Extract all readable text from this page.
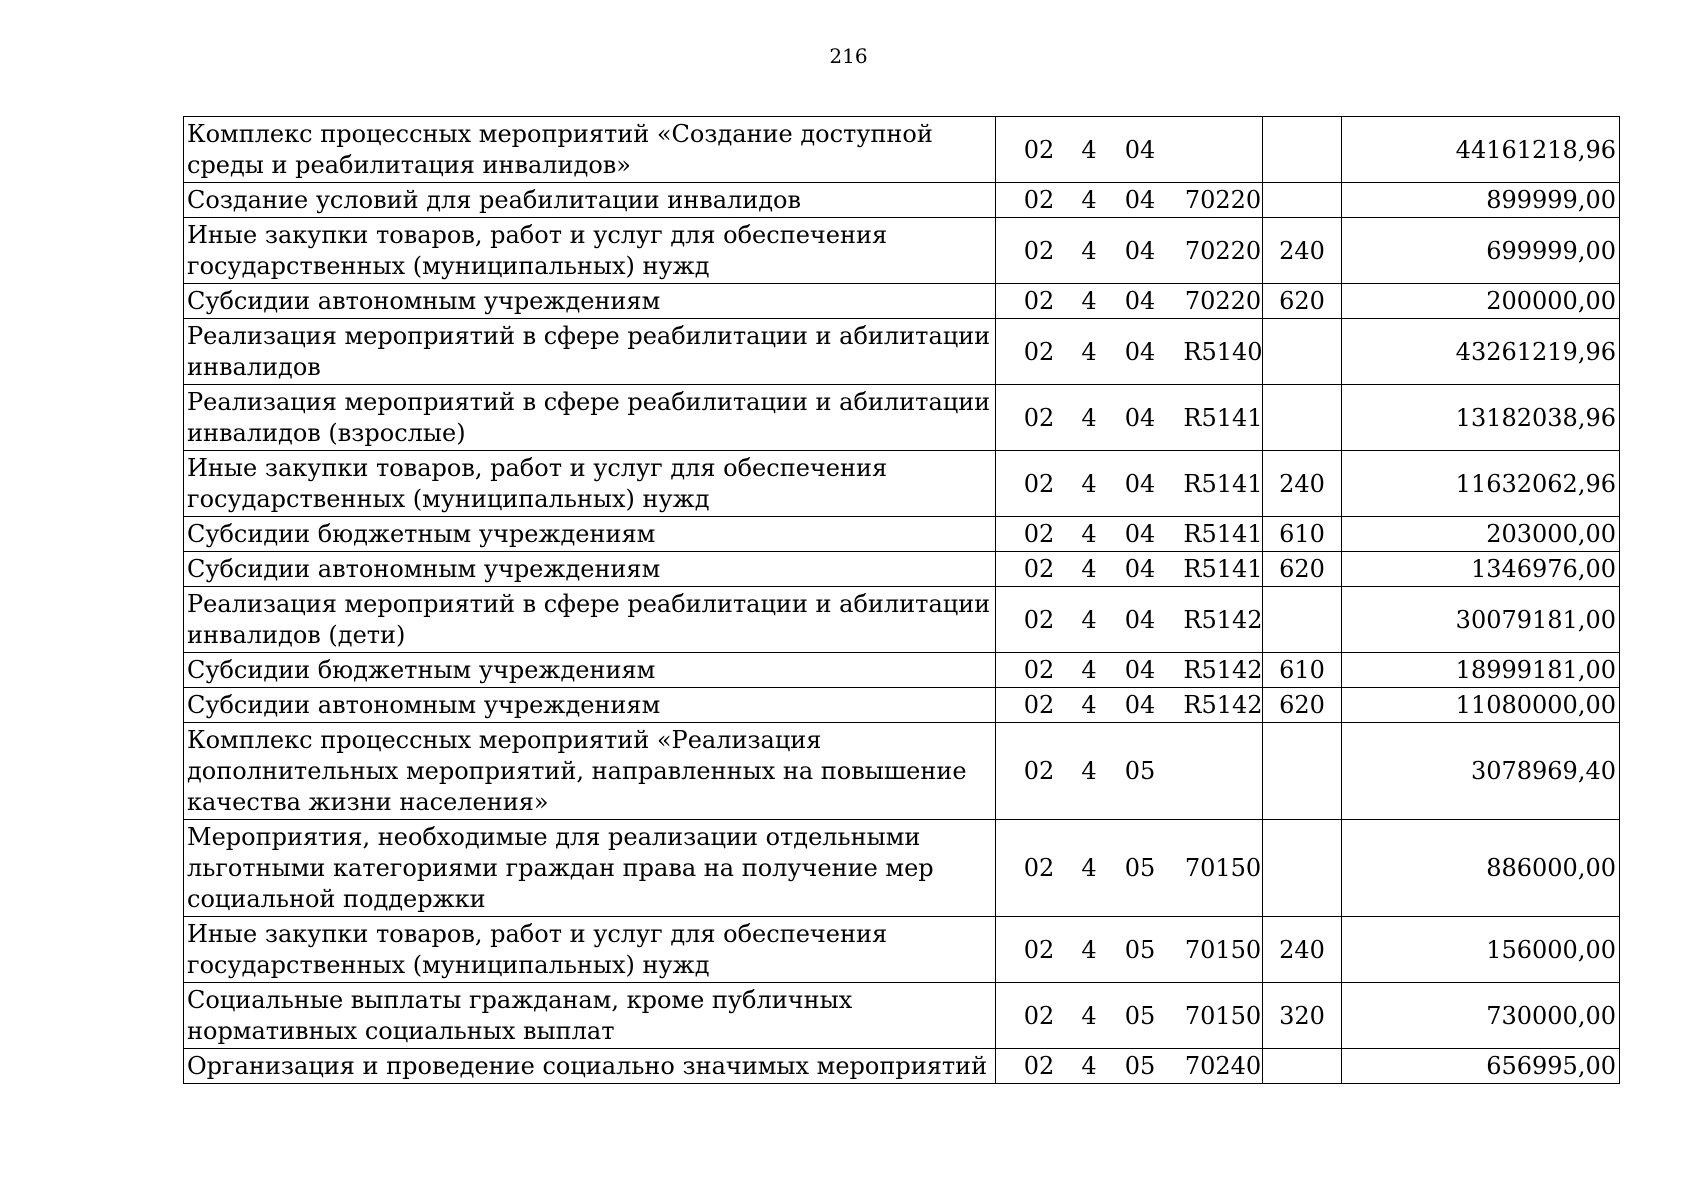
216
Комплекс процессных мероприятий «Создание доступной среды и реабилитация инвалидов»	02 4 04		44161218,96
Создание условий для реабилитации инвалидов	02 4 04 70220		899999,00
Иные закупки товаров, работ и услуг для обеспечения государственных (муниципальных) нужд	02 4 04 70220	240	699999,00
Субсидии автономным учреждениям	02 4 04 70220	620	200000,00
Реализация мероприятий в сфере реабилитации и абилитации инвалидов	02 4 04 R5140		43261219,96
Реализация мероприятий в сфере реабилитации и абилитации инвалидов (взрослые)	02 4 04 R5141		13182038,96
Иные закупки товаров, работ и услуг для обеспечения государственных (муниципальных) нужд	02 4 04 R5141	240	11632062,96
Субсидии бюджетным учреждениям	02 4 04 R5141	610	203000,00
Субсидии автономным учреждениям	02 4 04 R5141	620	1346976,00
Реализация мероприятий в сфере реабилитации и абилитации инвалидов (дети)	02 4 04 R5142		30079181,00
Субсидии бюджетным учреждениям	02 4 04 R5142	610	18999181,00
Субсидии автономным учреждениям	02 4 04 R5142	620	11080000,00
Комплекс процессных мероприятий «Реализация дополнительных мероприятий, направленных на повышение качества жизни населения»	02 4 05		3078969,40
Мероприятия, необходимые для реализации отдельными льготными категориями граждан права на получение мер социальной поддержки	02 4 05 70150		886000,00
Иные закупки товаров, работ и услуг для обеспечения государственных (муниципальных) нужд	02 4 05 70150	240	156000,00
Социальные выплаты гражданам, кроме публичных нормативных социальных выплат	02 4 05 70150	320	730000,00
Организация и проведение социально значимых мероприятий	02 4 05 70240		656995,00
